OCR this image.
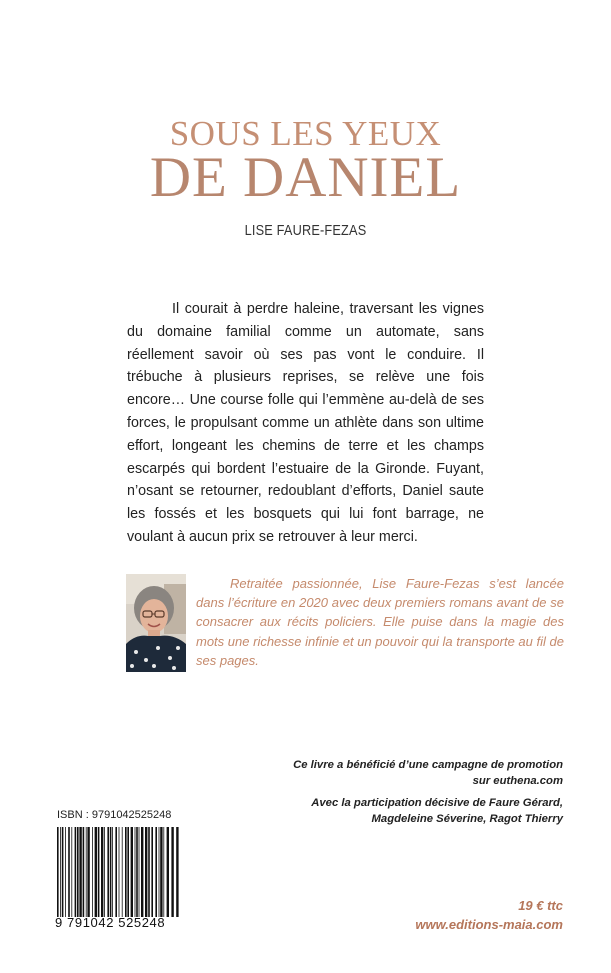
SOUS LES YEUX
DE DANIEL
LISE FAURE-FEZAS

Il courait à perdre haleine, traversant les vignes du domaine familial comme un automate, sans réellement savoir où ses pas vont le conduire. Il trébuche à plusieurs reprises, se relève une fois encore… Une course folle qui l’emmène au-delà de ses forces, le propulsant comme un athlète dans son ultime effort, longeant les chemins de terre et les champs escarpés qui bordent l’estuaire de la Gironde. Fuyant, n’osant se retourner, redoublant d’efforts, Daniel saute les fossés et les bosquets qui lui font barrage, ne voulant à aucun prix se retrouver à leur merci.

Retraitée passionnée, Lise Faure-Fezas s’est lancée dans l’écriture en 2020 avec deux premiers romans avant de se consacrer aux récits policiers. Elle puise dans la magie des mots une richesse infinie et un pouvoir qui la transporte au fil de ses pages.

Ce livre a bénéficié d’une campagne de promotion
sur euthena.com
Avec la participation décisive de Faure Gérard,
Magdeleine Séverine, Ragot Thierry
ISBN : 9791042525248
9 791042 525248
19 € ttc
www.editions-maia.com
